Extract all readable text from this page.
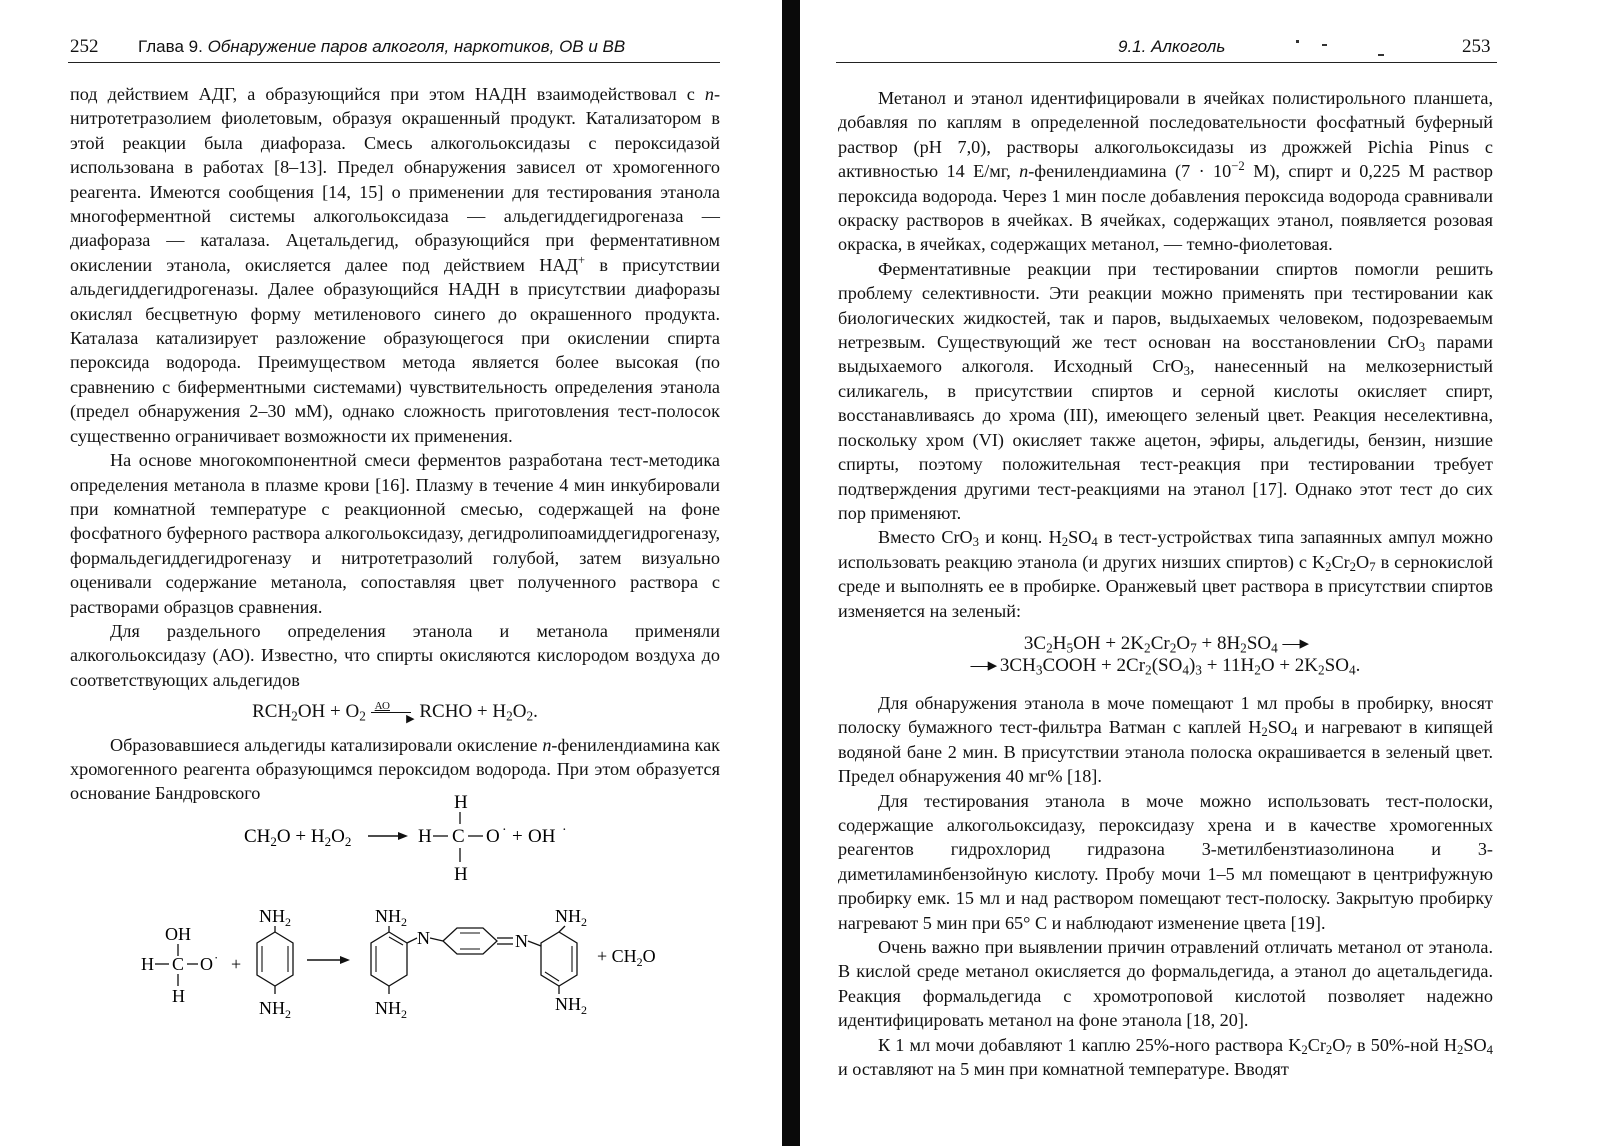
252 Глава 9. Обнаружение паров алкоголя, наркотиков, ОВ и ВВ

под действием АДГ, а образующийся при этом НАДН взаимодействовал с п-нитротетразолием фиолетовым, образуя окрашенный продукт. Катализатором в этой реакции была диафораза. Смесь алкогольоксидазы с пероксидазой использована в работах [8–13]. Предел обнаружения зависел от хромогенного реагента. Имеются сообщения [14, 15] о применении для тестирования этанола многоферментной системы алкогольоксидаза — альдегиддегидрогеназа — диафораза — каталаза. Ацетальдегид, образующийся при ферментативном окислении этанола, окисляется далее под действием НАД+ в присутствии альдегиддегидрогеназы. Далее образующийся НАДН в присутствии диафоразы окислял бесцветную форму метиленового синего до окрашенного продукта. Каталаза катализирует разложение образующегося при окислении спирта пероксида водорода. Преимуществом метода является более высокая (по сравнению с биферментными системами) чувствительность определения этанола (предел обнаружения 2–30 мМ), однако сложность приготовления тест-полосок существенно ограничивает возможности их применения.

На основе многокомпонентной смеси ферментов разработана тест-методика определения метанола в плазме крови [16]. Плазму в течение 4 мин инкубировали при комнатной температуре с реакционной смесью, содержащей на фоне фосфатного буферного раствора алкогольоксидазу, дегидролипоамиддегидрогеназу, формальдегиддегидрогеназу и нитротетразолий голубой, затем визуально оценивали содержание метанола, сопоставляя цвет полученного раствора с растворами образцов сравнения.

Для раздельного определения этанола и метанола применяли алкогольоксидазу (АО). Известно, что спирты окисляются кислородом воздуха до соответствующих альдегидов

$RCH_2OH + O_2$
АО
▶ RCHO + $H_2O_2$.

Образовавшиеся альдегиды катализировали окисление п-фенилендиамина как хромогенного реагента образующимся пероксидом водорода. При этом образуется основание Бандровского

$CH_2O + H_2O_2$
H
H C O · + OH ·
H
OH
H C O ·
H
+
$NH_2$
$NH_2$
$NH_2$
$NH_2$
N	N
$NH_2$
$NH_2$
+ $CH_2O$
9.1. Алкоголь	253

Метанол и этанол идентифицировали в ячейках полистирольного планшета, добавляя по каплям в определенной последовательности фосфатный буферный раствор (pH 7,0), растворы алкогольоксидазы из дрожжей Pichia Pinus с активностью 14 Е/мг, п-фенилендиамина ($7 \cdot 10^{-2}$ М), спирт и 0,225 М раствор пероксида водорода. Через 1 мин после добавления пероксида водорода сравнивали окраску растворов в ячейках. В ячейках, содержащих этанол, появляется розовая окраска, в ячейках, содержащих метанол, — темно-фиолетовая.

Ферментативные реакции при тестировании спиртов помогли решить проблему селективности. Эти реакции можно применять при тестировании как биологических жидкостей, так и паров, выдыхаемых человеком, подозреваемым нетрезвым. Существующий же тест основан на восстановлении CrO$_3$ парами выдыхаемого алкоголя. Исходный CrO$_3$, нанесенный на мелкозернистый силикагель, в присутствии спиртов и серной кислоты окисляет спирт, восстанавливаясь до хрома (III), имеющего зеленый цвет. Реакция неселективна, поскольку хром (VI) окисляет также ацетон, эфиры, альдегиды, бензин, низшие спирты, поэтому положительная тест-реакция при тестировании требует подтверждения другими тест-реакциями на этанол [17]. Однако этот тест до сих пор применяют.

Вместо CrO$_3$ и конц. $H_2SO_4$ в тест-устройствах типа запаянных ампул можно использовать реакцию этанола (и других низших спиртов) с $K_2Cr_2O_7$ в сернокислой среде и выполнять ее в пробирке. Оранжевый цвет раствора в присутствии спиртов изменяется на зеленый:

$3C_2H_5OH + 2K_2Cr_2O_7 + 8H_2SO_4$ —▸
—▸ $3CH_3COOH + 2Cr_2(SO_4)_3 + 11H_2O + 2K_2SO_4$.

Для обнаружения этанола в моче помещают 1 мл пробы в пробирку, вносят полоску бумажного тест-фильтра Ватман с каплей $H_2SO_4$ и нагревают в кипящей водяной бане 2 мин. В присутствии этанола полоска окрашивается в зеленый цвет. Предел обнаружения 40 мг% [18].

Для тестирования этанола в моче можно использовать тест-полоски, содержащие алкогольоксидазу, пероксидазу хрена и в качестве хромогенных реагентов гидрохлорид гидразона 3-метилбензтиазолинона и 3-диметиламинбензойную кислоту. Пробу мочи 1–5 мл помещают в центрифужную пробирку емк. 15 мл и над раствором помещают тест-полоску. Закрытую пробирку нагревают 5 мин при 65° С и наблюдают изменение цвета [19].

Очень важно при выявлении причин отравлений отличать метанол от этанола. В кислой среде метанол окисляется до формальдегида, а этанол до ацетальдегида. Реакция формальдегида с хромотроповой кислотой позволяет надежно идентифицировать метанол на фоне этанола [18, 20].

К 1 мл мочи добавляют 1 каплю 25%-ного раствора $K_2Cr_2O_7$ в 50%-ной $H_2SO_4$ и оставляют на 5 мин при комнатной температуре. Вводят
